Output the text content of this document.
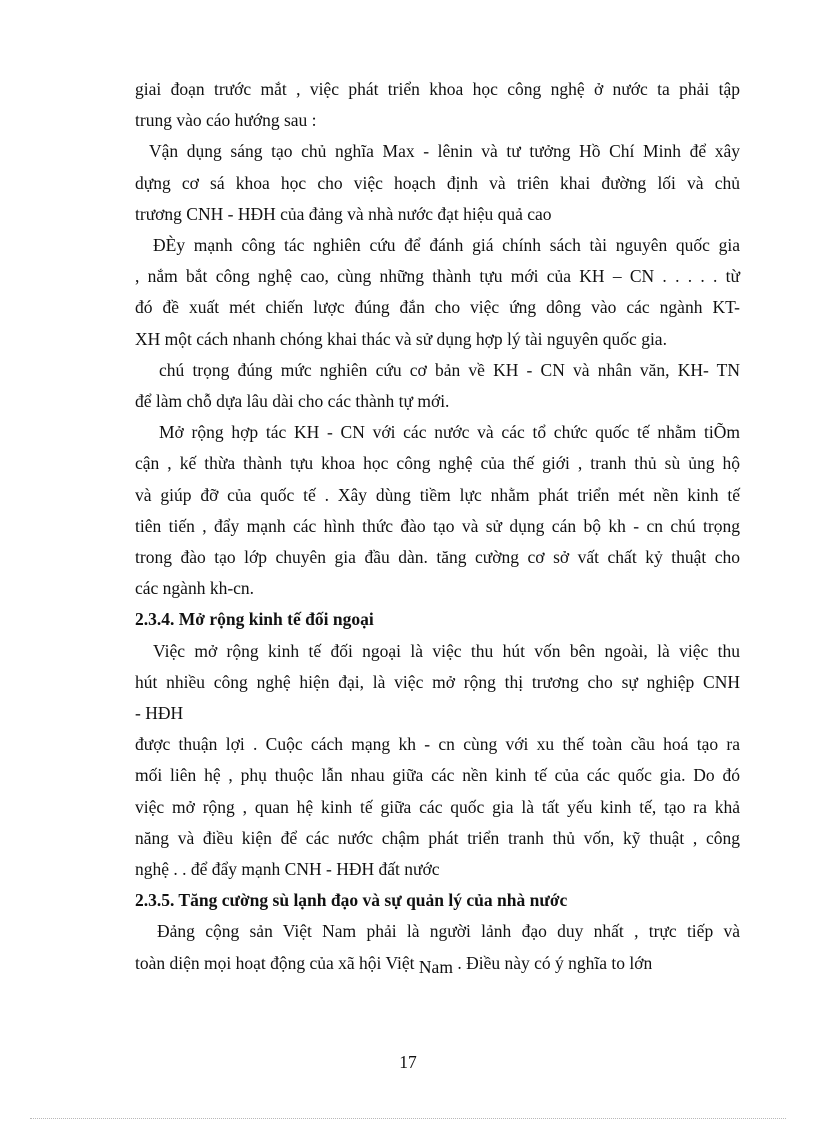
giai đoạn trước mắt , việc phát triển khoa học công nghệ ở nước ta phải tập
trung vào cáo hướng sau :
Vận dụng sáng tạo chủ nghĩa Max - lênin và tư tưởng Hồ Chí Minh để xây
dựng cơ sá khoa học cho việc hoạch định và triên khai đường lối và chủ
trương CNH - HĐH của đảng và nhà nước đạt hiệu quả cao
ĐÈy mạnh công tác nghiên cứu để đánh giá chính sách tài nguyên quốc gia
, nắm bắt công nghệ cao, cùng những thành tựu mới của KH – CN . . . . . từ
đó đề xuất mét chiến lược đúng đắn cho việc ứng dông vào các ngành KT-
XH một cách nhanh chóng khai thác và sử dụng hợp lý tài nguyên quốc gia.
chú trọng đúng mức nghiên cứu cơ bản về KH - CN và nhân văn, KH- TN
để làm chỗ dựa lâu dài cho các thành tự mới.
Mở rộng hợp tác KH - CN với các nước và các tổ chức quốc tế nhằm tiÕm
cận , kế thừa thành tựu khoa học công nghệ của thế giới , tranh thủ sù ủng hộ
và giúp đỡ của quốc tế . Xây dùng tiềm lực nhằm phát triển mét nền kinh tế
tiên tiến , đẩy mạnh các hình thức đào tạo và sử dụng cán bộ kh - cn chú trọng
trong đào tạo lớp chuyên gia đầu dàn. tăng cường cơ sở vất chất kỷ thuật cho
các ngành kh-cn.
2.3.4. Mở rộng kinh tế đối ngoại
Việc mở rộng kinh tế đối ngoại là việc thu hút vốn bên ngoài, là việc thu
hút nhiều công nghệ hiện đại, là việc mở rộng thị trương cho sự nghiệp CNH
- HĐH
được thuận lợi . Cuộc cách mạng kh - cn cùng với xu thế toàn cầu hoá tạo ra
mối liên hệ , phụ thuộc lẫn nhau giữa các nền kinh tế của các quốc gia. Do đó
việc mở rộng , quan hệ kinh tế giữa các quốc gia là tất yếu kinh tế, tạo ra khả
năng và điều kiện để các nước chậm phát triển tranh thủ vốn, kỹ thuật , công
nghệ . . để đẩy mạnh CNH - HĐH đất nước
2.3.5. Tăng cường sù lạnh đạo và sự quản lý của nhà nước
Đảng cộng sản Việt Nam phải là người lảnh đạo duy nhất , trực tiếp và
toàn diện mọi hoạt động của xã hội Việt Nam . Điều này có ý nghĩa to lớn
17
